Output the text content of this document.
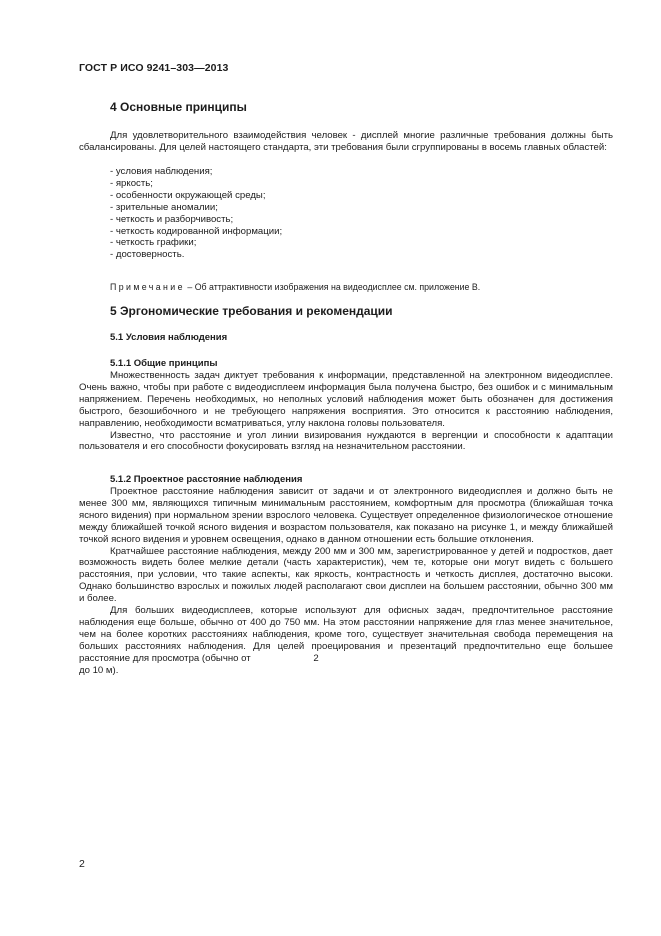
ГОСТ Р ИСО 9241–303—2013
4 Основные принципы

Для удовлетворительного взаимодействия человек - дисплей многие различные требования должны быть сбалансированы. Для целей настоящего стандарта, эти требования были сгруппированы в восемь главных областей:

- условия наблюдения;
- яркость;
- особенности окружающей среды;
- зрительные аномалии;
- четкость и разборчивость;
- четкость кодированной информации;
- четкость графики;
- достоверность.
Примечание – Об аттрактивности изображения на видеодисплее см. приложение В.
5 Эргономические требования и рекомендации
5.1 Условия наблюдения
5.1.1 Общие принципы

Множественность задач диктует требования к информации, представленной на электронном видеодисплее. Очень важно, чтобы при работе с видеодисплеем информация была получена быстро, без ошибок и с минимальным напряжением. Перечень необходимых, но неполных условий наблюдения может быть обозначен для достижения быстрого, безошибочного и не требующего напряжения восприятия. Это относится к расстоянию наблюдения, направлению, необходимости всматриваться, углу наклона головы пользователя.

Известно, что расстояние и угол линии визирования нуждаются в вергенции и способности к адаптации пользователя и его способности фокусировать взгляд на незначительном расстоянии.

5.1.2 Проектное расстояние наблюдения

Проектное расстояние наблюдения зависит от задачи и от электронного видеодисплея и должно быть не менее 300 мм, являющихся типичным минимальным расстоянием, комфортным для просмотра (ближайшая точка ясного видения) при нормальном зрении взрослого человека. Существует определенное физиологическое отношение между ближайшей точкой ясного видения и возрастом пользователя, как показано на рисунке 1, и между ближайшей точкой ясного видения и уровнем освещения, однако в данном отношении есть большие отклонения.

Кратчайшее расстояние наблюдения, между 200 мм и 300 мм, зарегистрированное у детей и подростков, дает возможность видеть более мелкие детали (часть характеристик), чем те, которые они могут видеть с большего расстояния, при условии, что такие аспекты, как яркость, контрастность и четкость дисплея, достаточно высоки. Однако большинство взрослых и пожилых людей располагают свои дисплеи на большем расстоянии, обычно 300 мм и более.

Для больших видеодисплеев, которые используют для офисных задач, предпочтительное расстояние наблюдения еще больше, обычно от 400 до 750 мм. На этом расстоянии напряжение для глаз менее значительное, чем на более коротких расстояниях наблюдения, кроме того, существует значительная свобода перемещения на больших расстояниях наблюдения. Для целей проецирования и презентаций предпочтительно еще большее расстояние для просмотра (обычно от	2

до 10 м).

2
